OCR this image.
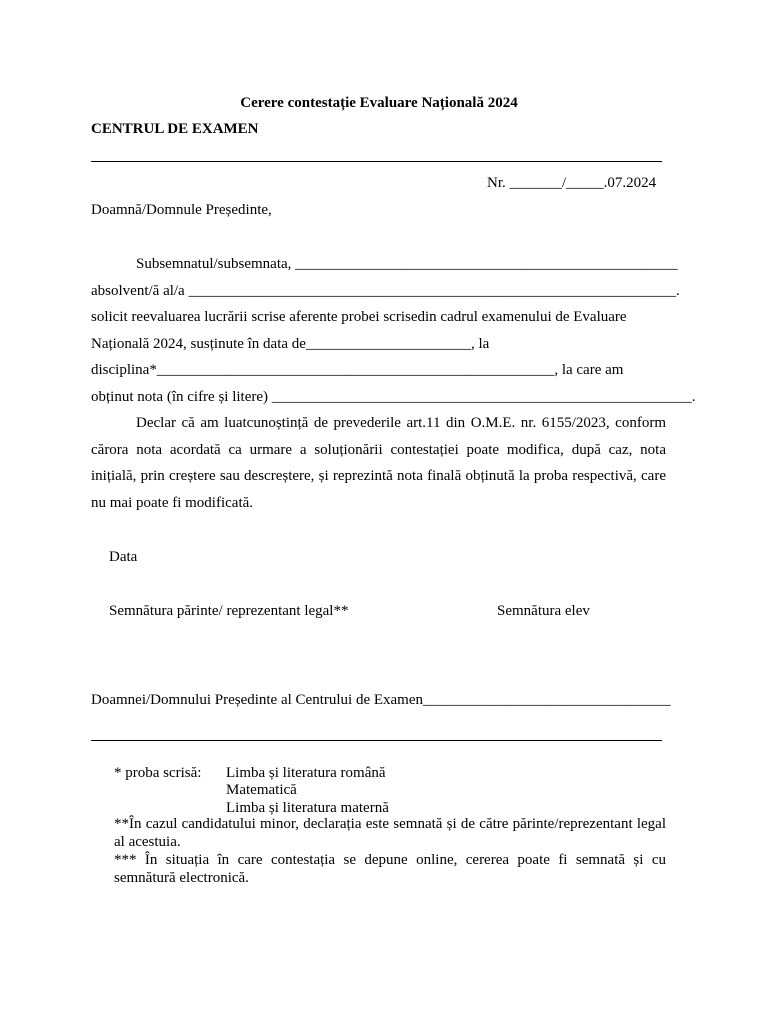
Cerere contestație Evaluare Națională 2024
CENTRUL DE EXAMEN
Nr. _______/_____.07.2024
Doamnă/Domnule Președinte,
Subsemnatul/subsemnata, ___________________________________________________
absolvent/ă al/a _________________________________________________________________.
solicit reevaluarea lucrării scrise aferente probei scrisedin cadrul examenului de Evaluare
Națională 2024, susținute în data de______________________, la
disciplina*_____________________________________________________, la care am
obținut nota (în cifre și litere) ________________________________________________________.
Declar că am luatcunoștință de prevederile art.11 din O.M.E. nr. 6155/2023, conform cărora nota acordată ca urmare a soluționării contestației poate modifica, după caz, nota inițială, prin creștere sau descreștere, și reprezintă nota finală obținută la proba respectivă, care nu mai poate fi modificată.
Data
Semnătura părinte/ reprezentant legal**	Semnătura elev
Doamnei/Domnului Președinte al Centrului de Examen_________________________________
* proba scrisă: Limba și literatura română
Matematică
Limba și literatura maternă
**În cazul candidatului minor, declarația este semnată și de către părinte/reprezentant legal al acestuia.
*** În situația în care contestația se depune online, cererea poate fi semnată și cu semnătură electronică.
